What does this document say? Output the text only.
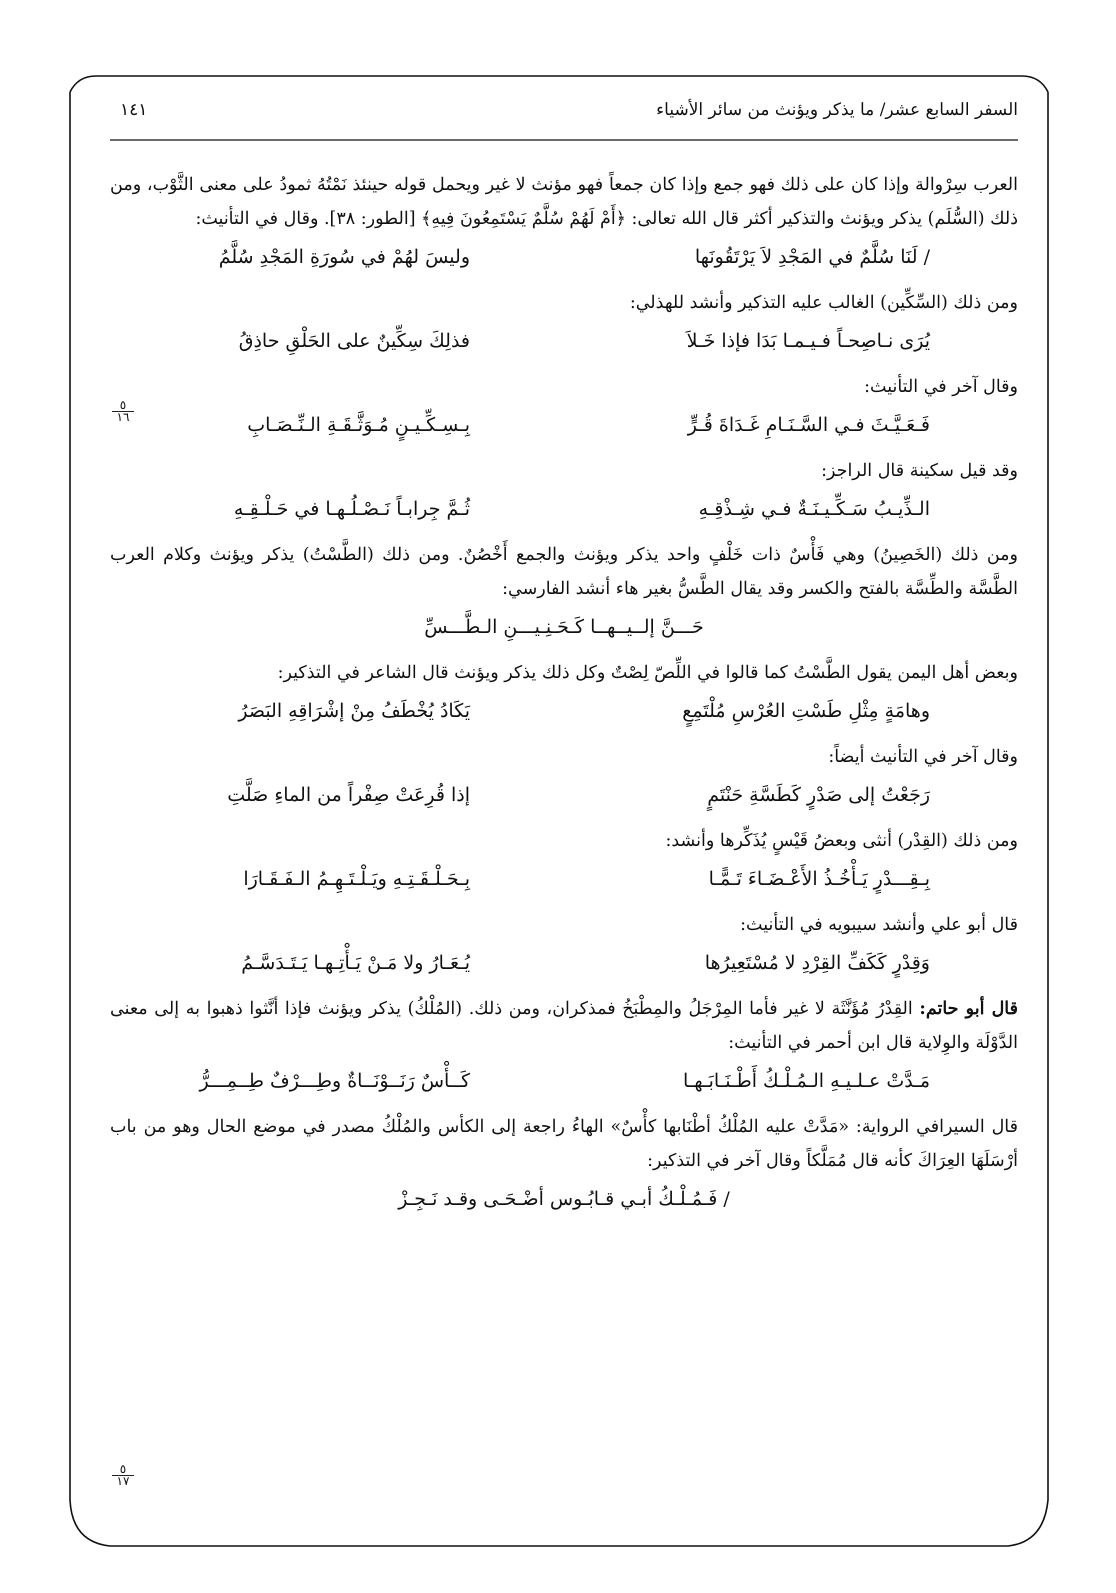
السفر السابع عشر/ ما يذكر ويؤنث من سائر الأشياء
١٤١

العرب سِرْوالة وإذا كان على ذلك فهو جمع وإذا كان جمعاً فهو مؤنث لا غير ويحمل قوله حينئذ نَمْتُهُ ثمودُ على معنى الثَّوْب، ومن ذلك (السُّلَم) يذكر ويؤنث والتذكير أكثر قال الله تعالى: ﴿أَمْ لَهُمْ سُلَّمٌ يَسْتَمِعُونَ فِيهِ﴾ [الطور: ٣٨]. وقال في التأنيث:

/ لَنَا سُلَّمٌ في المَجْدِ لاَ يَرْتَقُونَها
وليسَ لهُمْ في سُورَةِ المَجْدِ سُلَّمُ

ومن ذلك (السِّكِّين) الغالب عليه التذكير وأنشد للهذلي:

يُرَى نـاصِحـاً فـيـمـا بَدَا فإذا خَـلاَ
فذلِكَ سِكِّينٌ على الحَلْقِ حاذِقُ

وقال آخر في التأنيث:

فَـعَـيَّـثَ فـي السَّـنَـامِ غَـدَاةَ قُـرٍّ
بِـسِـكِّـيـنٍ مُـوَثَّـقَـةِ الـنِّـصَـابِ

وقد قيل سكينة قال الراجز:

الـذِّيـبُ سَـكِّـيـنَـةٌ فـي شِـذْقِـهِ
ثُـمَّ جِرابـاً نَـصْـلُـهـا في حَـلْـقِـهِ

ومن ذلك (الخَصِينُ) وهي فَأْسٌ ذات خَلْفٍ واحد يذكر ويؤنث والجمع أَخْصُنٌ. ومن ذلك (الطَّسْتُ) يذكر ويؤنث وكلام العرب الطَّسَّة والطِّسَّة بالفتح والكسر وقد يقال الطَّسُّ بغير هاء أنشد الفارسي:

حَـــنَّ إلــيــهــا كَـحَـنِـيـــنِ الـطَّـــسِّ

وبعض أهل اليمن يقول الطَّسْتُ كما قالوا في اللِّصّ لِصْتٌ وكل ذلك يذكر ويؤنث قال الشاعر في التذكير:

وهامَةٍ مِثْلِ طَسْتِ العُرْسِ مُلْتَمِعٍ
يَكَادُ يُخْطَفُ مِنْ إشْرَاقِهِ البَصَرُ

وقال آخر في التأنيث أيضاً:

رَجَعْتُ إلى صَدْرٍ كَطَسَّةِ حَنْتَمٍ
إذا قُرِعَتْ صِفْراً من الماءِ صَلَّتِ

ومن ذلك (القِدْر) أنثى وبعضُ قَيْسٍ يُذَكِّرها وأنشد:

بِـقِـــدْرٍ يَـأْخُـذُ الأَعْـضَـاءَ تَـمًّـا
بِـحَـلْـقَـتِـهِ ويَـلْـتَـهِـمُ الـفَـقَـارَا

قال أبو علي وأنشد سيبويه في التأنيث:

وَقِدْرٍ كَكَفِّ القِرْدِ لا مُسْتَعِيرُها
يُـعَـارُ ولا مَـنْ يَـأْتِـهـا يَـتَـدَسَّـمُ

قال أبو حاتم: القِدْرُ مُؤَنَّثَة لا غير فأما المِرْجَلُ والمِطْبَخُ فمذكران، ومن ذلك. (المُلْكُ) يذكر ويؤنث فإذا أنَّثوا ذهبوا به إلى معنى الدَّوْلَة والوِلاية قال ابن أحمر في التأنيث:

مَـدَّتْ عـلـيـهِ الـمُـلْـكُ أَطْـنَـابَـهـا
كَــأْسٌ رَنَــوْنَــاةٌ وطِـــرْفٌ طِــمِـــرُّ

قال السيرافي الرواية: «مَدَّتْ عليه المُلْكُ أطْنَابها كأْسٌ» الهاءُ راجعة إلى الكأس والمُلْكُ مصدر في موضع الحال وهو من باب أرْسَلَهَا العِرَاكَ كأنه قال مُمَلَّكاً وقال آخر في التذكير:

/ فَـمُـلْـكُ أبـي قـابُـوس أضْـحَـى وقـد نَـجِـزْ
٥
١٦
٥
١٧
